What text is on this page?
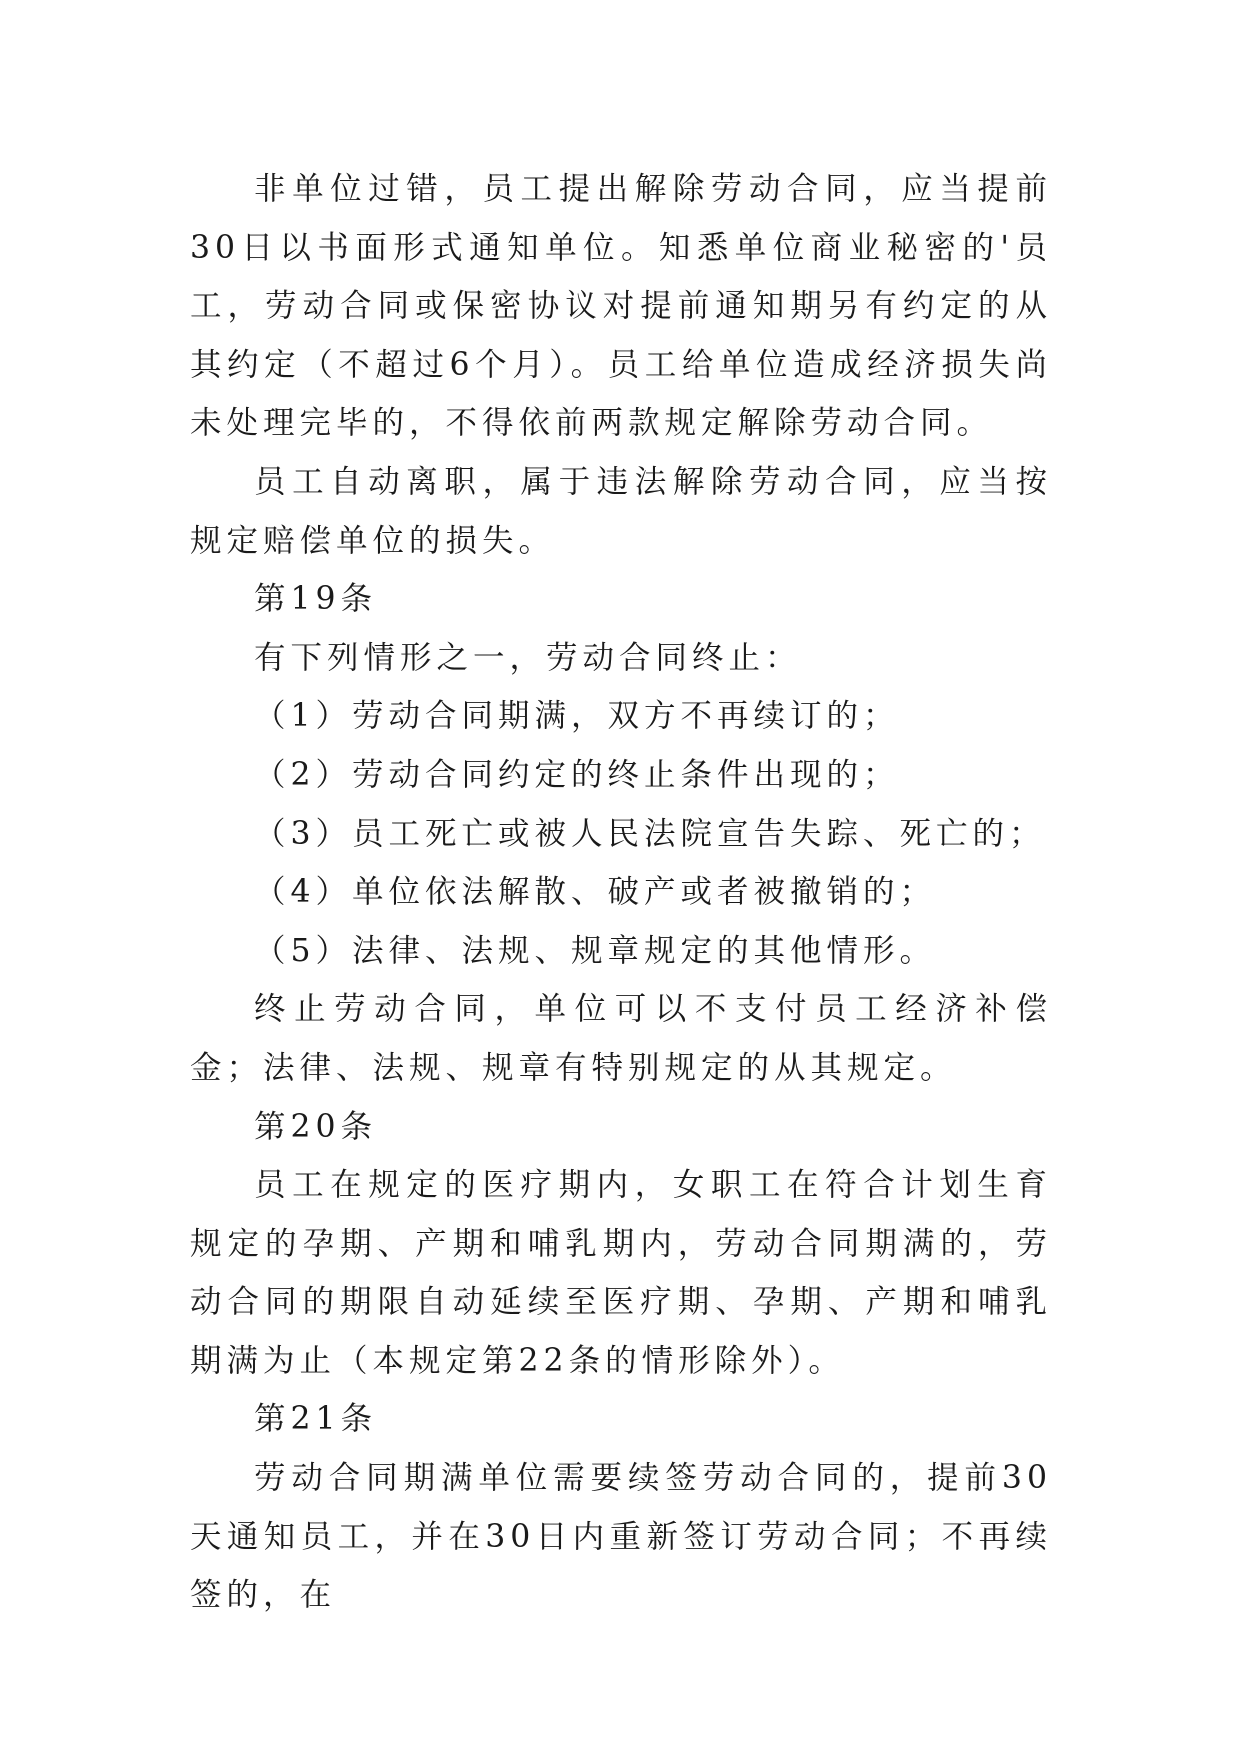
非单位过错，员工提出解除劳动合同，应当提前30日以书面形式通知单位。知悉单位商业秘密的'员工，劳动合同或保密协议对提前通知期另有约定的从其约定（不超过6个月）。员工给单位造成经济损失尚未处理完毕的，不得依前两款规定解除劳动合同。

员工自动离职，属于违法解除劳动合同，应当按规定赔偿单位的损失。

第19条

有下列情形之一，劳动合同终止：

（1）劳动合同期满，双方不再续订的；

（2）劳动合同约定的终止条件出现的；

（3）员工死亡或被人民法院宣告失踪、死亡的；

（4）单位依法解散、破产或者被撤销的；

（5）法律、法规、规章规定的其他情形。

终止劳动合同，单位可以不支付员工经济补偿金；法律、法规、规章有特别规定的从其规定。

第20条

员工在规定的医疗期内，女职工在符合计划生育规定的孕期、产期和哺乳期内，劳动合同期满的，劳动合同的期限自动延续至医疗期、孕期、产期和哺乳期满为止（本规定第22条的情形除外）。

第21条

劳动合同期满单位需要续签劳动合同的，提前30天通知员工，并在30日内重新签订劳动合同；不再续签的，在
